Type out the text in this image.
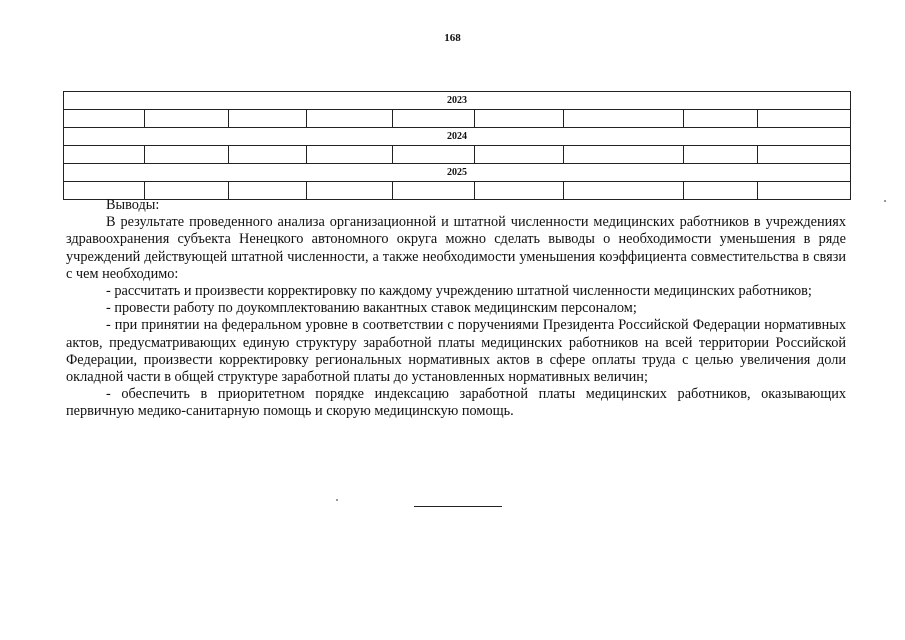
168
2023								

2024								

2025								

Выводы:

В результате проведенного анализа организационной и штатной численности медицинских работников в учреждениях здравоохранения субъекта Ненецкого автономного округа можно сделать выводы о необходимости уменьшения в ряде учреждений действующей штатной численности, а также необходимости уменьшения коэффициента совместительства в связи с чем необходимо:

- рассчитать и произвести корректировку по каждому учреждению штатной численности медицинских работников;

- провести работу по доукомплектованию вакантных ставок медицинским персоналом;

- при принятии на федеральном уровне в соответствии с поручениями Президента Российской Федерации нормативных актов, предусматривающих единую структуру заработной платы медицинских работников на всей территории Российской Федерации, произвести корректировку региональных нормативных актов в сфере оплаты труда с целью увеличения доли окладной части в общей структуре заработной платы до установленных нормативных величин;

- обеспечить в приоритетном порядке индексацию заработной платы медицинских работников, оказывающих первичную медико-санитарную помощь и скорую медицинскую помощь.
